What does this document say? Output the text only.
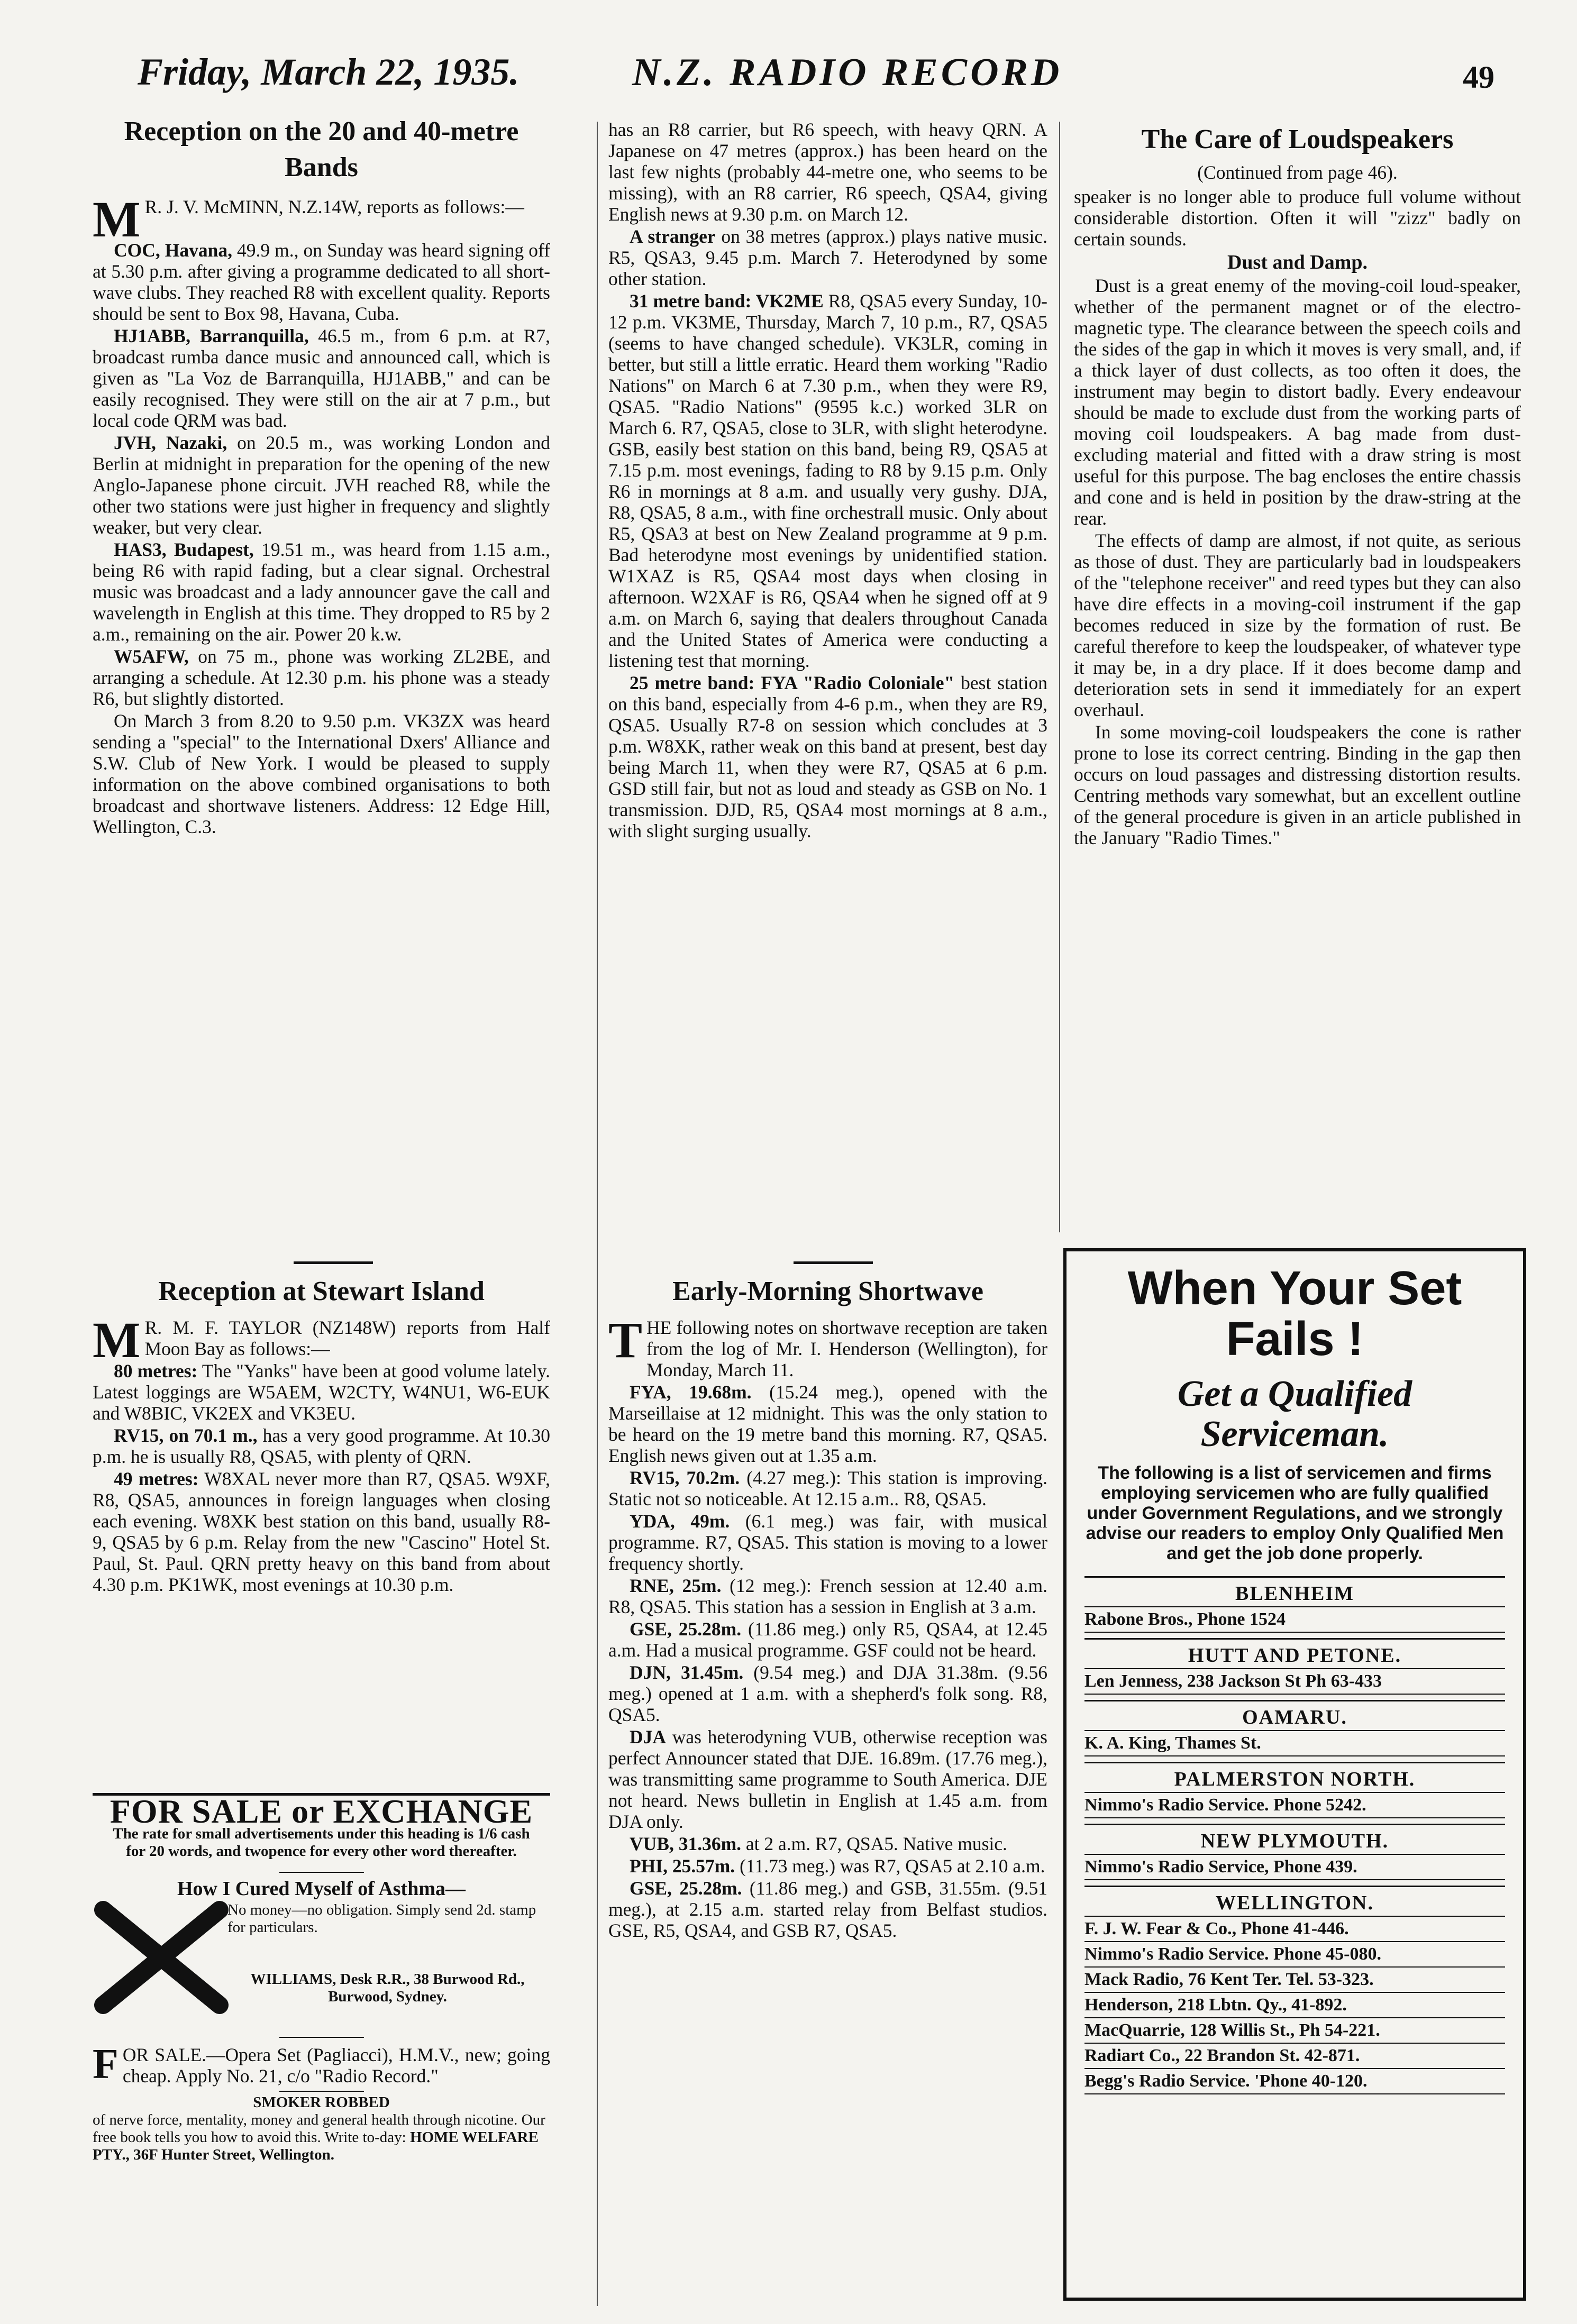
Friday, March 22, 1935.	N.Z. RADIO RECORD	49
Reception on the 20 and 40-metre Bands

M R. J. V. McMINN, N.Z.14W, reports as follows:—

COC, Havana, 49.9 m., on Sunday was heard signing off at 5.30 p.m. after giving a programme dedicated to all short-wave clubs. They reached R8 with excellent quality. Reports should be sent to Box 98, Havana, Cuba.

HJ1ABB, Barranquilla, 46.5 m., from 6 p.m. at R7, broadcast rumba dance music and announced call, which is given as "La Voz de Barranquilla, HJ1ABB," and can be easily recognised. They were still on the air at 7 p.m., but local code QRM was bad.

JVH, Nazaki, on 20.5 m., was working London and Berlin at midnight in preparation for the opening of the new Anglo-Japanese phone circuit. JVH reached R8, while the other two stations were just higher in frequency and slightly weaker, but very clear.

HAS3, Budapest, 19.51 m., was heard from 1.15 a.m., being R6 with rapid fading, but a clear signal. Orchestral music was broadcast and a lady announcer gave the call and wavelength in English at this time. They dropped to R5 by 2 a.m., remaining on the air. Power 20 k.w.

W5AFW, on 75 m., phone was working ZL2BE, and arranging a schedule. At 12.30 p.m. his phone was a steady R6, but slightly distorted.

On March 3 from 8.20 to 9.50 p.m. VK3ZX was heard sending a "special" to the International Dxers' Alliance and S.W. Club of New York. I would be pleased to supply information on the above combined organisations to both broadcast and shortwave listeners. Address: 12 Edge Hill, Wellington, C.3.

Reception at Stewart Island

M R. M. F. TAYLOR (NZ148W) reports from Half Moon Bay as follows:—

80 metres: The "Yanks" have been at good volume lately. Latest loggings are W5AEM, W2CTY, W4NU1, W6-EUK and W8BIC, VK2EX and VK3EU.

RV15, on 70.1 m., has a very good programme. At 10.30 p.m. he is usually R8, QSA5, with plenty of QRN.

49 metres: W8XAL never more than R7, QSA5. W9XF, R8, QSA5, announces in foreign languages when closing each evening. W8XK best station on this band, usually R8-9, QSA5 by 6 p.m. Relay from the new "Cascino" Hotel St. Paul, St. Paul. QRN pretty heavy on this band from about 4.30 p.m. PK1WK, most evenings at 10.30 p.m.

FOR SALE or EXCHANGE
The rate for small advertisements under this heading is 1/6 cash for 20 words, and twopence for every other word thereafter.
How I Cured Myself of Asthma—
No money—no obligation. Simply send 2d. stamp for particulars.
WILLIAMS, Desk R.R., 38 Burwood Rd., Burwood, Sydney.

FOR SALE.—Opera Set (Pagliacci), H.M.V., new; going cheap. Apply No. 21, c/o "Radio Record."

SMOKER ROBBED
of nerve force, mentality, money and general health through nicotine. Our free book tells you how to avoid this. Write to-day: HOME WELFARE PTY., 36F Hunter Street, Wellington.

has an R8 carrier, but R6 speech, with heavy QRN. A Japanese on 47 metres (approx.) has been heard on the last few nights (probably 44-metre one, who seems to be missing), with an R8 carrier, R6 speech, QSA4, giving English news at 9.30 p.m. on March 12.

A stranger on 38 metres (approx.) plays native music. R5, QSA3, 9.45 p.m. March 7. Heterodyned by some other station.

31 metre band: VK2ME R8, QSA5 every Sunday, 10-12 p.m. VK3ME, Thursday, March 7, 10 p.m., R7, QSA5 (seems to have changed schedule). VK3LR, coming in better, but still a little erratic. Heard them working "Radio Nations" on March 6 at 7.30 p.m., when they were R9, QSA5. "Radio Nations" (9595 k.c.) worked 3LR on March 6. R7, QSA5, close to 3LR, with slight heterodyne. GSB, easily best station on this band, being R9, QSA5 at 7.15 p.m. most evenings, fading to R8 by 9.15 p.m. Only R6 in mornings at 8 a.m. and usually very gushy. DJA, R8, QSA5, 8 a.m., with fine orchestrall music. Only about R5, QSA3 at best on New Zealand programme at 9 p.m. Bad heterodyne most evenings by unidentified station. W1XAZ is R5, QSA4 most days when closing in afternoon. W2XAF is R6, QSA4 when he signed off at 9 a.m. on March 6, saying that dealers throughout Canada and the United States of America were conducting a listening test that morning.

25 metre band: FYA "Radio Coloniale" best station on this band, especially from 4-6 p.m., when they are R9, QSA5. Usually R7-8 on session which concludes at 3 p.m. W8XK, rather weak on this band at present, best day being March 11, when they were R7, QSA5 at 6 p.m. GSD still fair, but not as loud and steady as GSB on No. 1 transmission. DJD, R5, QSA4 most mornings at 8 a.m., with slight surging usually.

Early-Morning Shortwave

THE following notes on shortwave reception are taken from the log of Mr. I. Henderson (Wellington), for Monday, March 11.

FYA, 19.68m. (15.24 meg.), opened with the Marseillaise at 12 midnight. This was the only station to be heard on the 19 metre band this morning. R7, QSA5. English news given out at 1.35 a.m.

RV15, 70.2m. (4.27 meg.): This station is improving. Static not so noticeable. At 12.15 a.m.. R8, QSA5.

YDA, 49m. (6.1 meg.) was fair, with musical programme. R7, QSA5. This station is moving to a lower frequency shortly.

RNE, 25m. (12 meg.): French session at 12.40 a.m. R8, QSA5. This station has a session in English at 3 a.m.

GSE, 25.28m. (11.86 meg.) only R5, QSA4, at 12.45 a.m. Had a musical programme. GSF could not be heard.

DJN, 31.45m. (9.54 meg.) and DJA 31.38m. (9.56 meg.) opened at 1 a.m. with a shepherd's folk song. R8, QSA5.

DJA was heterodyning VUB, otherwise reception was perfect Announcer stated that DJE. 16.89m. (17.76 meg.), was transmitting same programme to South America. DJE not heard. News bulletin in English at 1.45 a.m. from DJA only.

VUB, 31.36m. at 2 a.m. R7, QSA5. Native music.

PHI, 25.57m. (11.73 meg.) was R7, QSA5 at 2.10 a.m.

GSE, 25.28m. (11.86 meg.) and GSB, 31.55m. (9.51 meg.), at 2.15 a.m. started relay from Belfast studios. GSE, R5, QSA4, and GSB R7, QSA5.

The Care of Loudspeakers
(Continued from page 46).

speaker is no longer able to produce full volume without considerable distortion. Often it will "zizz" badly on certain sounds.

Dust and Damp.

Dust is a great enemy of the moving-coil loud-speaker, whether of the permanent magnet or of the electro-magnetic type. The clearance between the speech coils and the sides of the gap in which it moves is very small, and, if a thick layer of dust collects, as too often it does, the instrument may begin to distort badly. Every endeavour should be made to exclude dust from the working parts of moving coil loudspeakers. A bag made from dust-excluding material and fitted with a draw string is most useful for this purpose. The bag encloses the entire chassis and cone and is held in position by the draw-string at the rear.

The effects of damp are almost, if not quite, as serious as those of dust. They are particularly bad in loudspeakers of the "telephone receiver" and reed types but they can also have dire effects in a moving-coil instrument if the gap becomes reduced in size by the formation of rust. Be careful therefore to keep the loudspeaker, of whatever type it may be, in a dry place. If it does become damp and deterioration sets in send it immediately for an expert overhaul.

In some moving-coil loudspeakers the cone is rather prone to lose its correct centring. Binding in the gap then occurs on loud passages and distressing distortion results. Centring methods vary somewhat, but an excellent outline of the general procedure is given in an article published in the January "Radio Times."

When Your Set
Fails !
Get a Qualified
Serviceman.
The following is a list of servicemen and firms employing servicemen who are fully qualified under Government Regulations, and we strongly advise our readers to employ Only Qualified Men and get the job done properly.
BLENHEIM
Rabone Bros., Phone 1524
HUTT AND PETONE.
Len Jenness, 238 Jackson St Ph 63-433
OAMARU.
K. A. King, Thames St.
PALMERSTON NORTH.
Nimmo's Radio Service. Phone 5242.
NEW PLYMOUTH.
Nimmo's Radio Service, Phone 439.
WELLINGTON.
F. J. W. Fear & Co., Phone 41-446.
Nimmo's Radio Service. Phone 45-080.
Mack Radio, 76 Kent Ter. Tel. 53-323.
Henderson, 218 Lbtn. Qy., 41-892.
MacQuarrie, 128 Willis St., Ph 54-221.
Radiart Co., 22 Brandon St. 42-871.
Begg's Radio Service. 'Phone 40-120.
